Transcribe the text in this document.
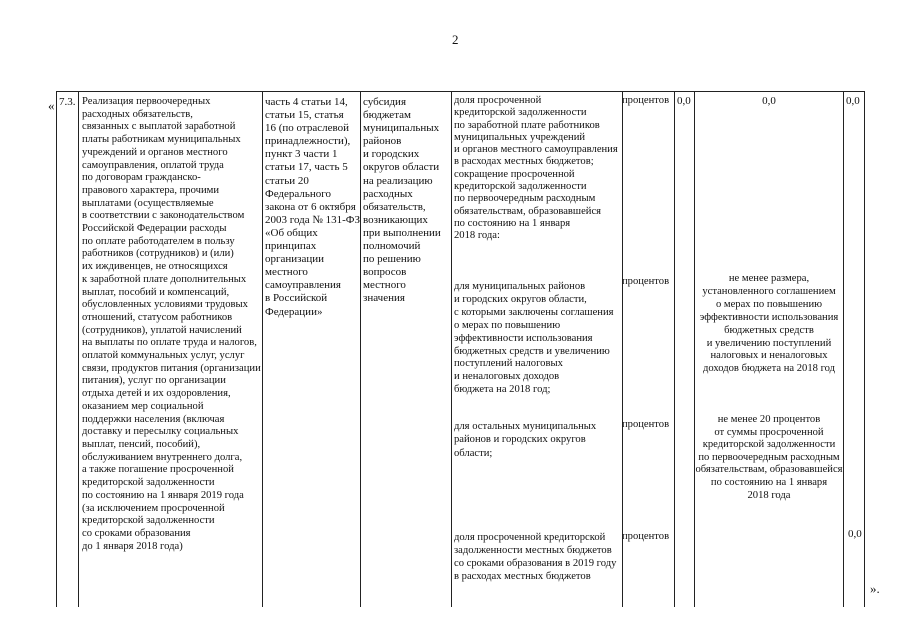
2
«
».
7.3. Реализация первоочередных
расходных обязательств,
связанных с выплатой заработной
платы работникам муниципальных
учреждений и органов местного
самоуправления, оплатой труда
по договорам гражданско-
правового характера, прочими
выплатами (осуществляемые
в соответствии с законодательством
Российской Федерации расходы
по оплате работодателем в пользу
работников (сотрудников) и (или)
их иждивенцев, не относящихся
к заработной плате дополнительных
выплат, пособий и компенсаций,
обусловленных условиями трудовых
отношений, статусом работников
(сотрудников), уплатой начислений
на выплаты по оплате труда и налогов,
оплатой коммунальных услуг, услуг
связи, продуктов питания (организации
питания), услуг по организации
отдыха детей и их оздоровления,
оказанием мер социальной
поддержки населения (включая
доставку и пересылку социальных
выплат, пенсий, пособий),
обслуживанием внутреннего долга,
а также погашение просроченной
кредиторской задолженности
по состоянию на 1 января 2019 года
(за исключением просроченной
кредиторской задолженности
со сроками образования
до 1 января 2018 года)
часть 4 статьи 14,
статьи 15, статья
16 (по отраслевой
принадлежности),
пункт 3 части 1
статьи 17, часть 5
статьи 20
Федерального
закона от 6 октября
2003 года № 131-ФЗ
«Об общих
принципах
организации
местного
самоуправления
в Российской
Федерации»
субсидия
бюджетам
муниципальных
районов
и городских
округов области
на реализацию
расходных
обязательств,
возникающих
при выполнении
полномочий
по решению
вопросов
местного
значения
доля просроченной
кредиторской задолженности
по заработной плате работников
муниципальных учреждений
и органов местного самоуправления
в расходах местных бюджетов;
сокращение просроченной
кредиторской задолженности
по первоочередным расходным
обязательствам, образовавшейся
по состоянию на 1 января
2018 года:
для муниципальных районов
и городских округов области,
с которыми заключены соглашения
о мерах по повышению
эффективности использования
бюджетных средств и увеличению
поступлений налоговых
и неналоговых доходов
бюджета на 2018 год;
для остальных муниципальных
районов и городских округов
области;
доля просроченной кредиторской
задолженности местных бюджетов
со сроками образования в 2019 году
в расходах местных бюджетов
процентов
процентов
процентов
процентов
0,0	0,0
не менее размера,
установленного соглашением
о мерах по повышению
эффективности использования
бюджетных средств
и увеличению поступлений
налоговых и неналоговых
доходов бюджета на 2018 год
не менее 20 процентов
от суммы просроченной
кредиторской задолженности
по первоочередным расходным
обязательствам, образовавшейся
по состоянию на 1 января
2018 года
0,0
0,0
